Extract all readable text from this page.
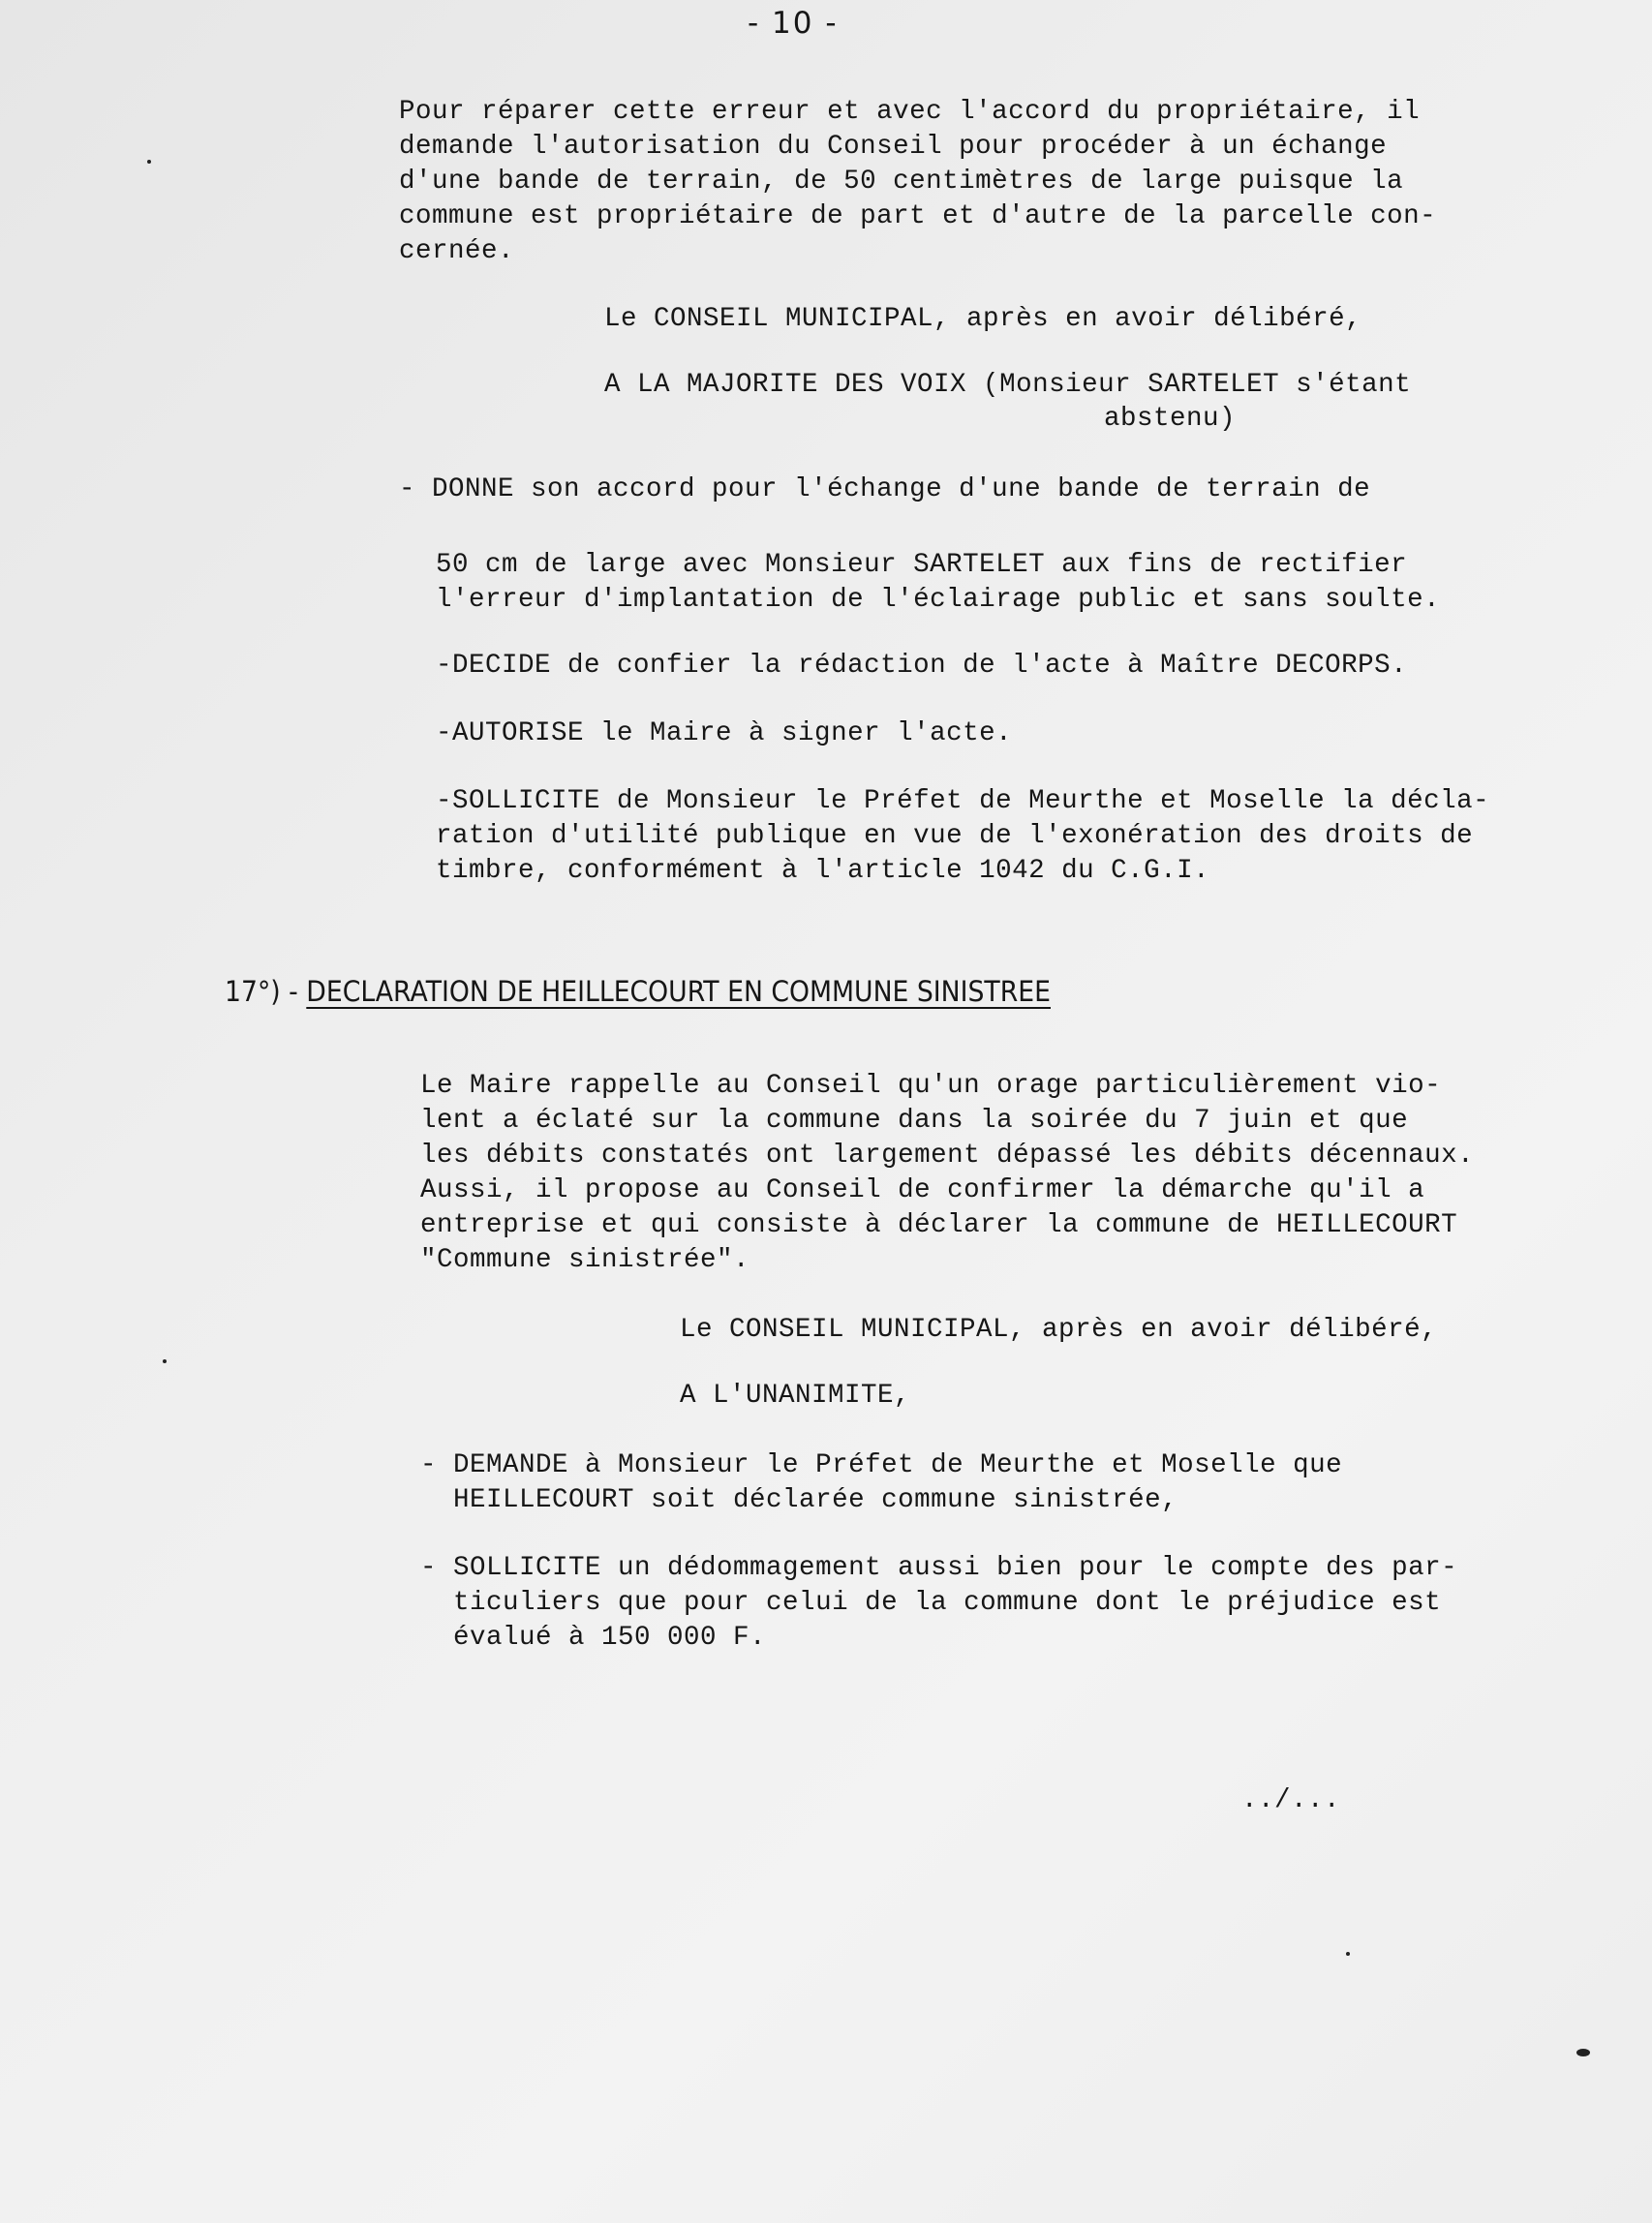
- 10 -
Pour réparer cette erreur et avec l'accord du propriétaire, il
demande l'autorisation du Conseil pour procéder à un échange
d'une bande de terrain, de 50 centimètres de large puisque la
commune est propriétaire de part et d'autre de la parcelle con-
cernée.
Le CONSEIL MUNICIPAL, après en avoir délibéré,
A LA MAJORITE DES VOIX (Monsieur SARTELET s'étant
abstenu)
- DONNE son accord pour l'échange d'une bande de terrain de
50 cm de large avec Monsieur SARTELET aux fins de rectifier
l'erreur d'implantation de l'éclairage public et sans soulte.
-DECIDE de confier la rédaction de l'acte à Maître DECORPS.
-AUTORISE le Maire à signer l'acte.
-SOLLICITE de Monsieur le Préfet de Meurthe et Moselle la décla-
ration d'utilité publique en vue de l'exonération des droits de
timbre, conformément à l'article 1042 du C.G.I.
17°) - DECLARATION DE HEILLECOURT EN COMMUNE SINISTREE
Le Maire rappelle au Conseil qu'un orage particulièrement vio-
lent a éclaté sur la commune dans la soirée du 7 juin et que
les débits constatés ont largement dépassé les débits décennaux.
Aussi, il propose au Conseil de confirmer la démarche qu'il a
entreprise et qui consiste à déclarer la commune de HEILLECOURT
"Commune sinistrée".
Le CONSEIL MUNICIPAL, après en avoir délibéré,
A L'UNANIMITE,
- DEMANDE à Monsieur le Préfet de Meurthe et Moselle que
HEILLECOURT soit déclarée commune sinistrée,
- SOLLICITE un dédommagement aussi bien pour le compte des par-
ticuliers que pour celui de la commune dont le préjudice est
évalué à 150 000 F.
../...
